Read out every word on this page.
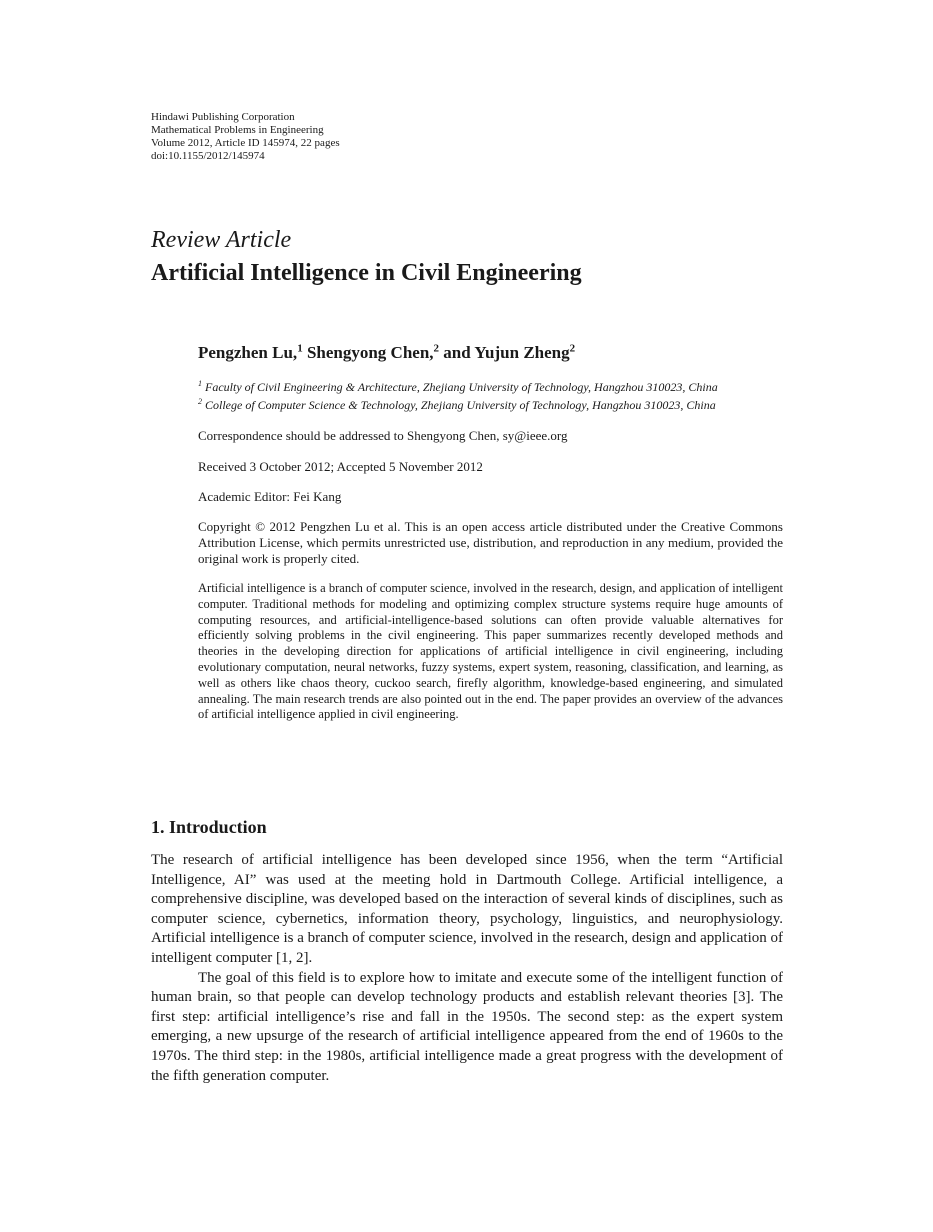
Hindawi Publishing Corporation
Mathematical Problems in Engineering
Volume 2012, Article ID 145974, 22 pages
doi:10.1155/2012/145974
Review Article
Artificial Intelligence in Civil Engineering
Pengzhen Lu,$^1$ Shengyong Chen,$^2$ and Yujun Zheng$^2$
$^1$ Faculty of Civil Engineering & Architecture, Zhejiang University of Technology, Hangzhou 310023, China
$^2$ College of Computer Science & Technology, Zhejiang University of Technology, Hangzhou 310023, China
Correspondence should be addressed to Shengyong Chen, sy@ieee.org
Received 3 October 2012; Accepted 5 November 2012
Academic Editor: Fei Kang
Copyright © 2012 Pengzhen Lu et al. This is an open access article distributed under the Creative Commons Attribution License, which permits unrestricted use, distribution, and reproduction in any medium, provided the original work is properly cited.
Artificial intelligence is a branch of computer science, involved in the research, design, and application of intelligent computer. Traditional methods for modeling and optimizing complex structure systems require huge amounts of computing resources, and artificial-intelligence-based solutions can often provide valuable alternatives for efficiently solving problems in the civil engineering. This paper summarizes recently developed methods and theories in the developing direction for applications of artificial intelligence in civil engineering, including evolutionary computation, neural networks, fuzzy systems, expert system, reasoning, classification, and learning, as well as others like chaos theory, cuckoo search, firefly algorithm, knowledge-based engineering, and simulated annealing. The main research trends are also pointed out in the end. The paper provides an overview of the advances of artificial intelligence applied in civil engineering.
1. Introduction

The research of artificial intelligence has been developed since 1956, when the term “Artificial Intelligence, AI” was used at the meeting hold in Dartmouth College. Artificial intelligence, a comprehensive discipline, was developed based on the interaction of several kinds of disciplines, such as computer science, cybernetics, information theory, psychology, linguistics, and neurophysiology. Artificial intelligence is a branch of computer science, involved in the research, design and application of intelligent computer [1, 2].

The goal of this field is to explore how to imitate and execute some of the intelligent function of human brain, so that people can develop technology products and establish relevant theories [3]. The first step: artificial intelligence’s rise and fall in the 1950s. The second step: as the expert system emerging, a new upsurge of the research of artificial intelligence appeared from the end of 1960s to the 1970s. The third step: in the 1980s, artificial intelligence made a great progress with the development of the fifth generation computer.
